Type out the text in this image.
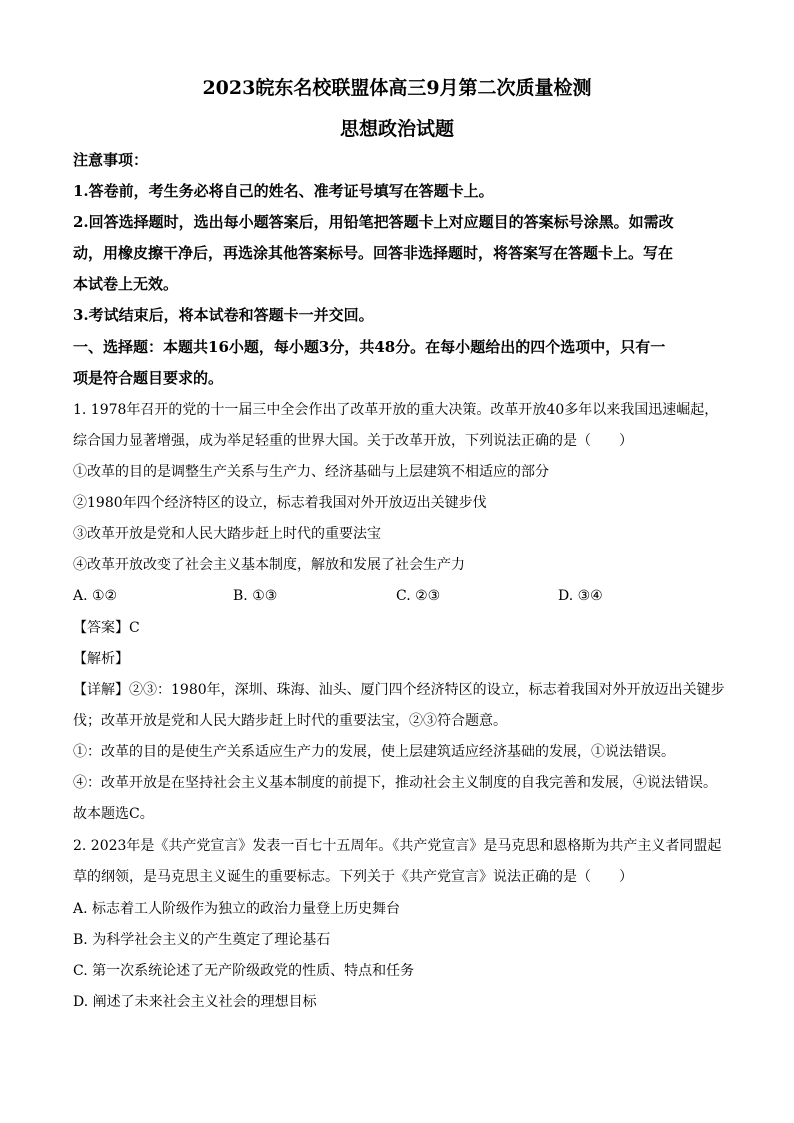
2023皖东名校联盟体高三9月第二次质量检测
思想政治试题
注意事项：
1.答卷前，考生务必将自己的姓名、准考证号填写在答题卡上。
2.回答选择题时，选出每小题答案后，用铅笔把答题卡上对应题目的答案标号涂黑。如需改
动，用橡皮擦干净后，再选涂其他答案标号。回答非选择题时，将答案写在答题卡上。写在
本试卷上无效。
3.考试结束后，将本试卷和答题卡一并交回。
一、选择题：本题共16小题，每小题3分，共48分。在每小题给出的四个选项中，只有一
项是符合题目要求的。
1. 1978年召开的党的十一届三中全会作出了改革开放的重大决策。改革开放40多年以来我国迅速崛起，
综合国力显著增强，成为举足轻重的世界大国。关于改革开放，下列说法正确的是（　　）
①改革的目的是调整生产关系与生产力、经济基础与上层建筑不相适应的部分
②1980年四个经济特区的设立，标志着我国对外开放迈出关键步伐
③改革开放是党和人民大踏步赶上时代的重要法宝
④改革开放改变了社会主义基本制度，解放和发展了社会生产力
A. ①②	B. ①③	C. ②③	D. ③④
【答案】C
【解析】
【详解】②③：1980年，深圳、珠海、汕头、厦门四个经济特区的设立，标志着我国对外开放迈出关键步
伐；改革开放是党和人民大踏步赶上时代的重要法宝，②③符合题意。
①：改革的目的是使生产关系适应生产力的发展，使上层建筑适应经济基础的发展，①说法错误。
④：改革开放是在坚持社会主义基本制度的前提下，推动社会主义制度的自我完善和发展，④说法错误。
故本题选C。
2. 2023年是《共产党宣言》发表一百七十五周年。《共产党宣言》是马克思和恩格斯为共产主义者同盟起
草的纲领，是马克思主义诞生的重要标志。下列关于《共产党宣言》说法正确的是（　　）
A. 标志着工人阶级作为独立的政治力量登上历史舞台
B. 为科学社会主义的产生奠定了理论基石
C. 第一次系统论述了无产阶级政党的性质、特点和任务
D. 阐述了未来社会主义社会的理想目标
